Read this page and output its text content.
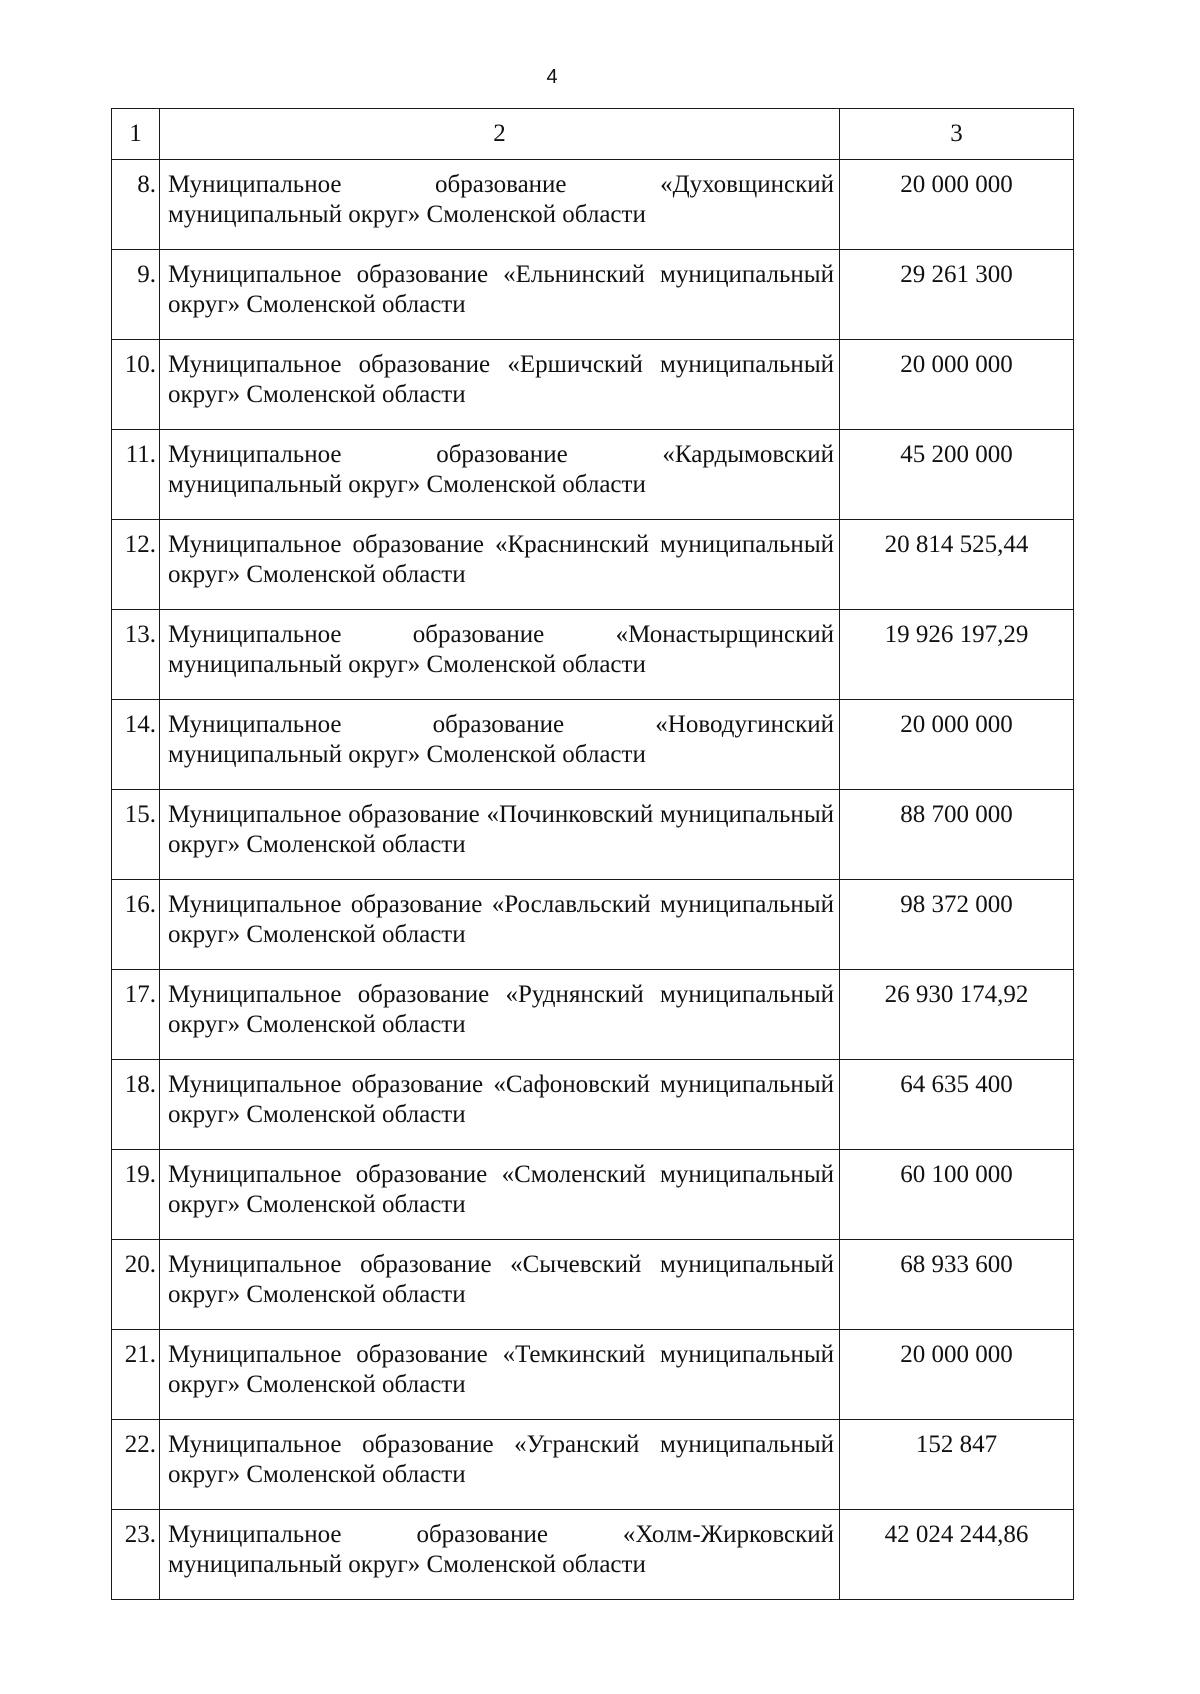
4
1	2	3
8.	Муниципальное образование «Духовщинский муниципальный округ» Смоленской области	20 000 000
9.	Муниципальное образование «Ельнинский муниципальный округ» Смоленской области	29 261 300
10.	Муниципальное образование «Ершичский муниципальный округ» Смоленской области	20 000 000
11.	Муниципальное образование «Кардымовский муниципальный округ» Смоленской области	45 200 000
12.	Муниципальное образование «Краснинский муниципальный округ» Смоленской области	20 814 525,44
13.	Муниципальное образование «Монастырщинский муниципальный округ» Смоленской области	19 926 197,29
14.	Муниципальное образование «Новодугинский муниципальный округ» Смоленской области	20 000 000
15.	Муниципальное образование «Починковский муниципальный округ» Смоленской области	88 700 000
16.	Муниципальное образование «Рославльский муниципальный округ» Смоленской области	98 372 000
17.	Муниципальное образование «Руднянский муниципальный округ» Смоленской области	26 930 174,92
18.	Муниципальное образование «Сафоновский муниципальный округ» Смоленской области	64 635 400
19.	Муниципальное образование «Смоленский муниципальный округ» Смоленской области	60 100 000
20.	Муниципальное образование «Сычевский муниципальный округ» Смоленской области	68 933 600
21.	Муниципальное образование «Темкинский муниципальный округ» Смоленской области	20 000 000
22.	Муниципальное образование «Угранский муниципальный округ» Смоленской области	152 847
23.	Муниципальное образование «Холм-Жирковский муниципальный округ» Смоленской области	42 024 244,86
